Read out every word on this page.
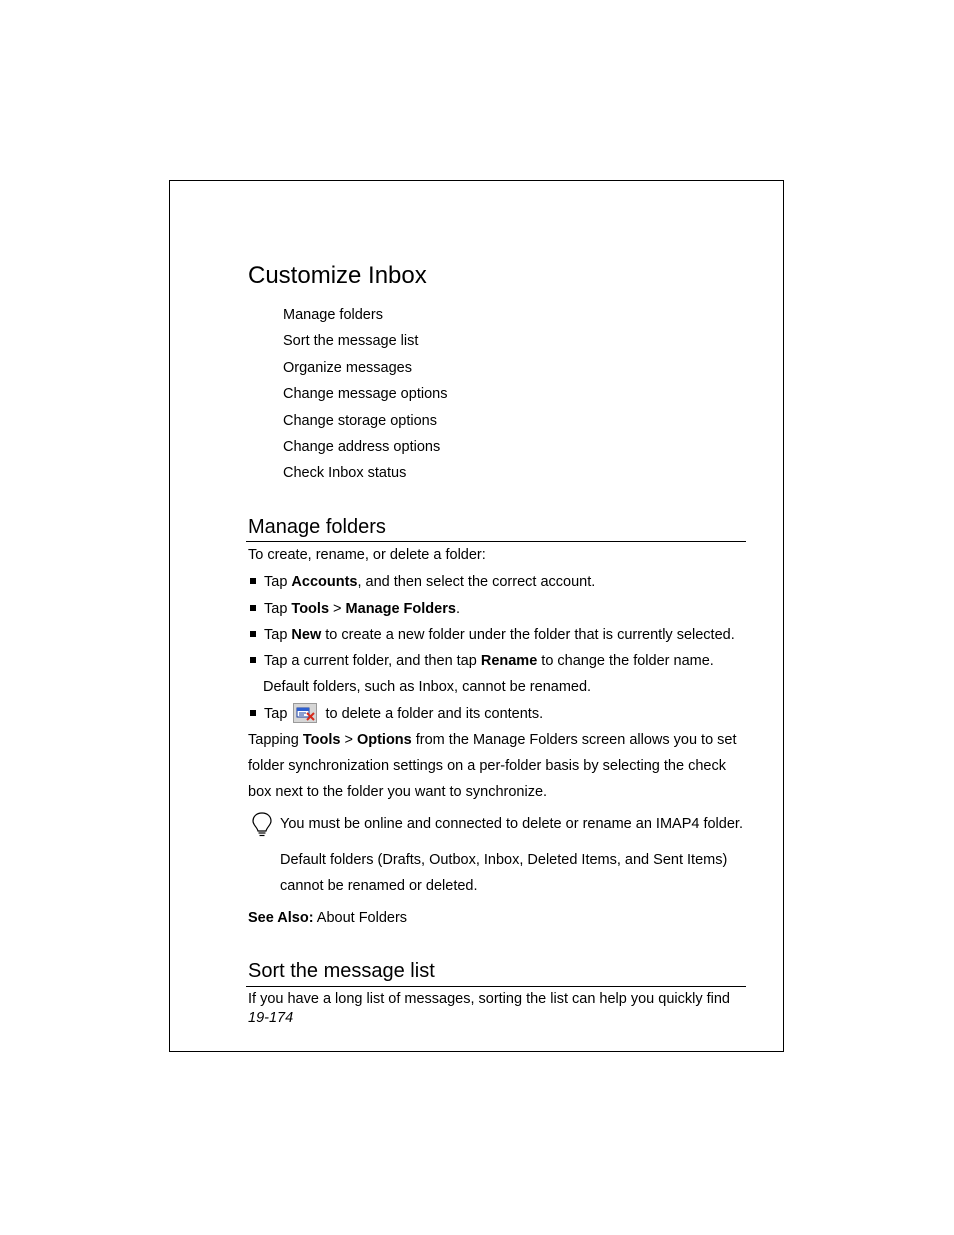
Customize Inbox
Manage folders
Sort the message list
Organize messages
Change message options
Change storage options
Change address options
Check Inbox status
Manage folders
To create, rename, or delete a folder:
Tap Accounts, and then select the correct account.
Tap Tools > Manage Folders.
Tap New to create a new folder under the folder that is currently selected.
Tap a current folder, and then tap Rename to change the folder name.
Default folders, such as Inbox, cannot be renamed.
Tap	to delete a folder and its contents.
Tapping Tools > Options from the Manage Folders screen allows you to set
folder synchronization settings on a per-folder basis by selecting the check
box next to the folder you want to synchronize.
You must be online and connected to delete or rename an IMAP4 folder.
Default folders (Drafts, Outbox, Inbox, Deleted Items, and Sent Items)
cannot be renamed or deleted.
See Also: About Folders
Sort the message list
If you have a long list of messages, sorting the list can help you quickly find
19-174
